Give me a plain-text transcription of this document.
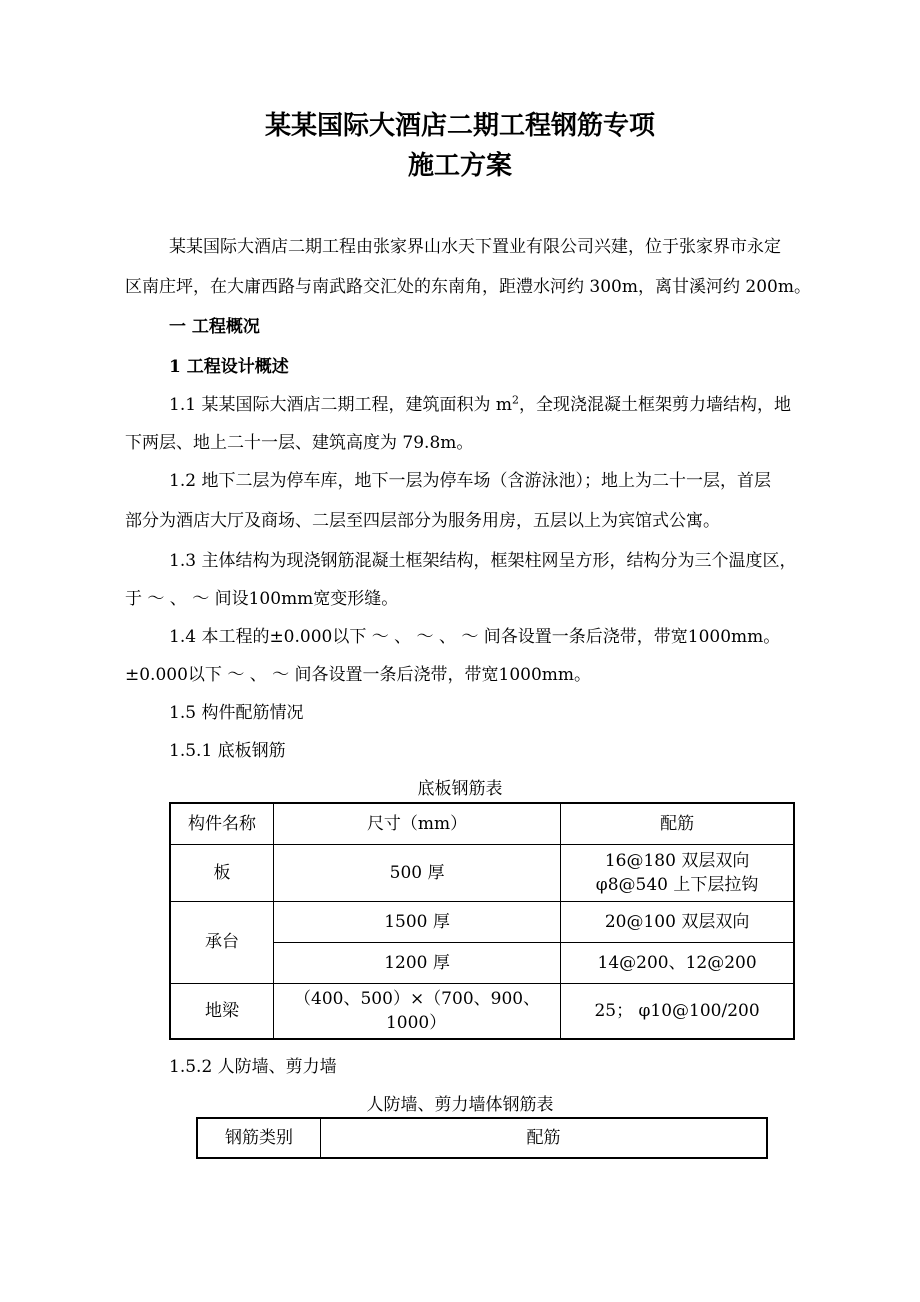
某某国际大酒店二期工程钢筋专项
施工方案
某某国际大酒店二期工程由张家界山水天下置业有限公司兴建，位于张家界市永定
区南庄坪，在大庸西路与南武路交汇处的东南角，距澧水河约 300m，离甘溪河约 200m。
一 工程概况
1 工程设计概述
1.1 某某国际大酒店二期工程，建筑面积为 $m^2$，全现浇混凝土框架剪力墙结构，地
下两层、地上二十一层、建筑高度为 79.8m。
1.2 地下二层为停车库，地下一层为停车场（含游泳池）；地上为二十一层，首层
部分为酒店大厅及商场、二层至四层部分为服务用房，五层以上为宾馆式公寓。
1.3 主体结构为现浇钢筋混凝土框架结构，框架柱网呈方形，结构分为三个温度区，
于 ～ 、 ～ 间设100mm宽变形缝。
1.4 本工程的±0.000以下 ～ 、 ～ 、 ～ 间各设置一条后浇带，带宽1000mm。
±0.000以下 ～ 、 ～ 间各设置一条后浇带，带宽1000mm。
1.5 构件配筋情况
1.5.1 底板钢筋
底板钢筋表
构件名称	尺寸（mm）	配筋
板	500 厚	16@180 双层双向
φ8@540 上下层拉钩

承台	1500 厚	20@100 双层双向
	1200 厚	14@200、12@200
地梁	（400、500）×（700、900、
1000）	25； φ10@100/200
1.5.2 人防墙、剪力墙
人防墙、剪力墙体钢筋表
钢筋类别	配筋
